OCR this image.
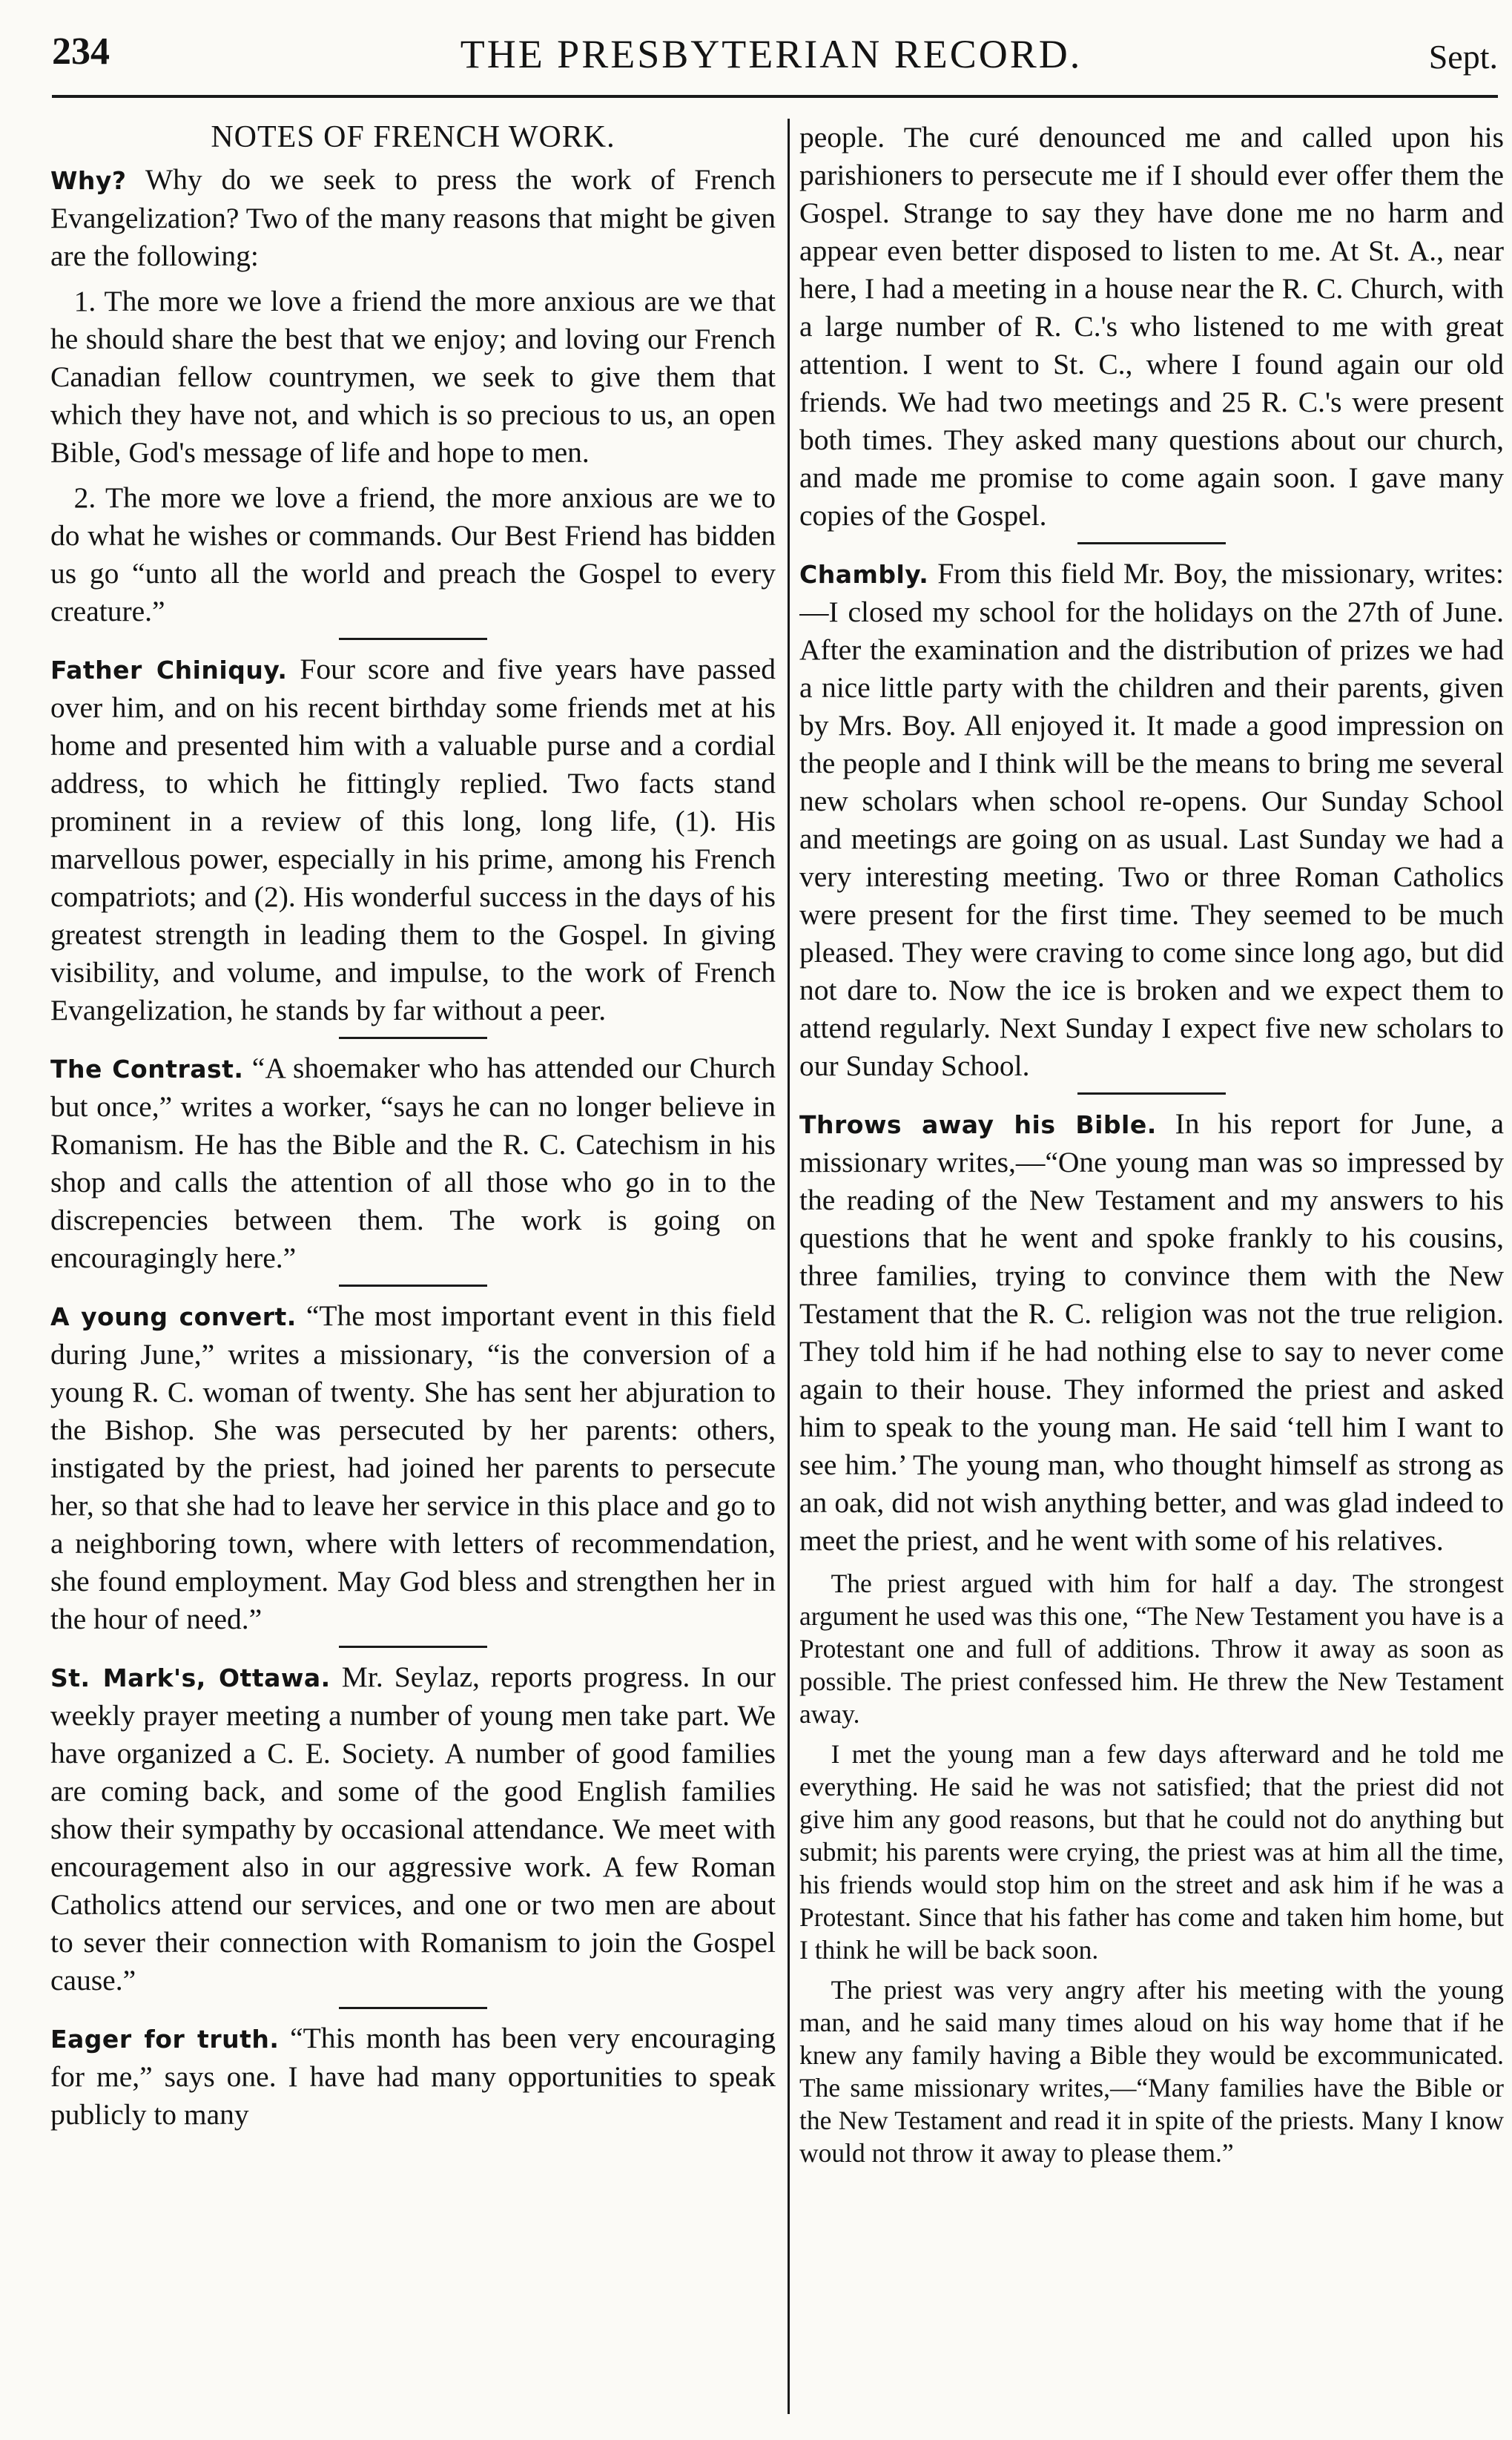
234	THE PRESBYTERIAN RECORD.	Sept.
NOTES OF FRENCH WORK.

Why? Why do we seek to press the work of French Evangelization? Two of the many reasons that might be given are the following:

1. The more we love a friend the more anxious are we that he should share the best that we enjoy; and loving our French Canadian fellow countrymen, we seek to give them that which they have not, and which is so precious to us, an open Bible, God's message of life and hope to men.

2. The more we love a friend, the more anxious are we to do what he wishes or commands. Our Best Friend has bidden us go “unto all the world and preach the Gospel to every creature.”

Father Chiniquy. Four score and five years have passed over him, and on his recent birthday some friends met at his home and presented him with a valuable purse and a cordial address, to which he fittingly replied. Two facts stand prominent in a review of this long, long life, (1). His marvellous power, especially in his prime, among his French compatriots; and (2). His wonderful success in the days of his greatest strength in leading them to the Gospel. In giving visibility, and volume, and impulse, to the work of French Evangelization, he stands by far without a peer.

The Contrast. “A shoemaker who has attended our Church but once,” writes a worker, “says he can no longer believe in Romanism. He has the Bible and the R. C. Catechism in his shop and calls the attention of all those who go in to the discrepencies between them. The work is going on encouragingly here.”

A young convert. “The most important event in this field during June,” writes a missionary, “is the conversion of a young R. C. woman of twenty. She has sent her abjuration to the Bishop. She was persecuted by her parents: others, instigated by the priest, had joined her parents to persecute her, so that she had to leave her service in this place and go to a neighboring town, where with letters of recommendation, she found employment. May God bless and strengthen her in the hour of need.”

St. Mark's, Ottawa. Mr. Seylaz, reports progress. In our weekly prayer meeting a number of young men take part. We have organized a C. E. Society. A number of good families are coming back, and some of the good English families show their sympathy by occasional attendance. We meet with encouragement also in our aggressive work. A few Roman Catholics attend our services, and one or two men are about to sever their connection with Romanism to join the Gospel cause.”

Eager for truth. “This month has been very encouraging for me,” says one. I have had many opportunities to speak publicly to many

people. The curé denounced me and called upon his parishioners to persecute me if I should ever offer them the Gospel. Strange to say they have done me no harm and appear even better disposed to listen to me. At St. A., near here, I had a meeting in a house near the R. C. Church, with a large number of R. C.'s who listened to me with great attention. I went to St. C., where I found again our old friends. We had two meetings and 25 R. C.'s were present both times. They asked many questions about our church, and made me promise to come again soon. I gave many copies of the Gospel.

Chambly. From this field Mr. Boy, the missionary, writes:—I closed my school for the holidays on the 27th of June. After the examination and the distribution of prizes we had a nice little party with the children and their parents, given by Mrs. Boy. All enjoyed it. It made a good impression on the people and I think will be the means to bring me several new scholars when school re-opens. Our Sunday School and meetings are going on as usual. Last Sunday we had a very interesting meeting. Two or three Roman Catholics were present for the first time. They seemed to be much pleased. They were craving to come since long ago, but did not dare to. Now the ice is broken and we expect them to attend regularly. Next Sunday I expect five new scholars to our Sunday School.

Throws away his Bible. In his report for June, a missionary writes,—“One young man was so impressed by the reading of the New Testament and my answers to his questions that he went and spoke frankly to his cousins, three families, trying to convince them with the New Testament that the R. C. religion was not the true religion. They told him if he had nothing else to say to never come again to their house. They informed the priest and asked him to speak to the young man. He said ‘tell him I want to see him.’ The young man, who thought himself as strong as an oak, did not wish anything better, and was glad indeed to meet the priest, and he went with some of his relatives.

The priest argued with him for half a day. The strongest argument he used was this one, “The New Testament you have is a Protestant one and full of additions. Throw it away as soon as possible. The priest confessed him. He threw the New Testament away.

I met the young man a few days afterward and he told me everything. He said he was not satisfied; that the priest did not give him any good reasons, but that he could not do anything but submit; his parents were crying, the priest was at him all the time, his friends would stop him on the street and ask him if he was a Protestant. Since that his father has come and taken him home, but I think he will be back soon.

The priest was very angry after his meeting with the young man, and he said many times aloud on his way home that if he knew any family having a Bible they would be excommunicated. The same missionary writes,—“Many families have the Bible or the New Testament and read it in spite of the priests. Many I know would not throw it away to please them.”
